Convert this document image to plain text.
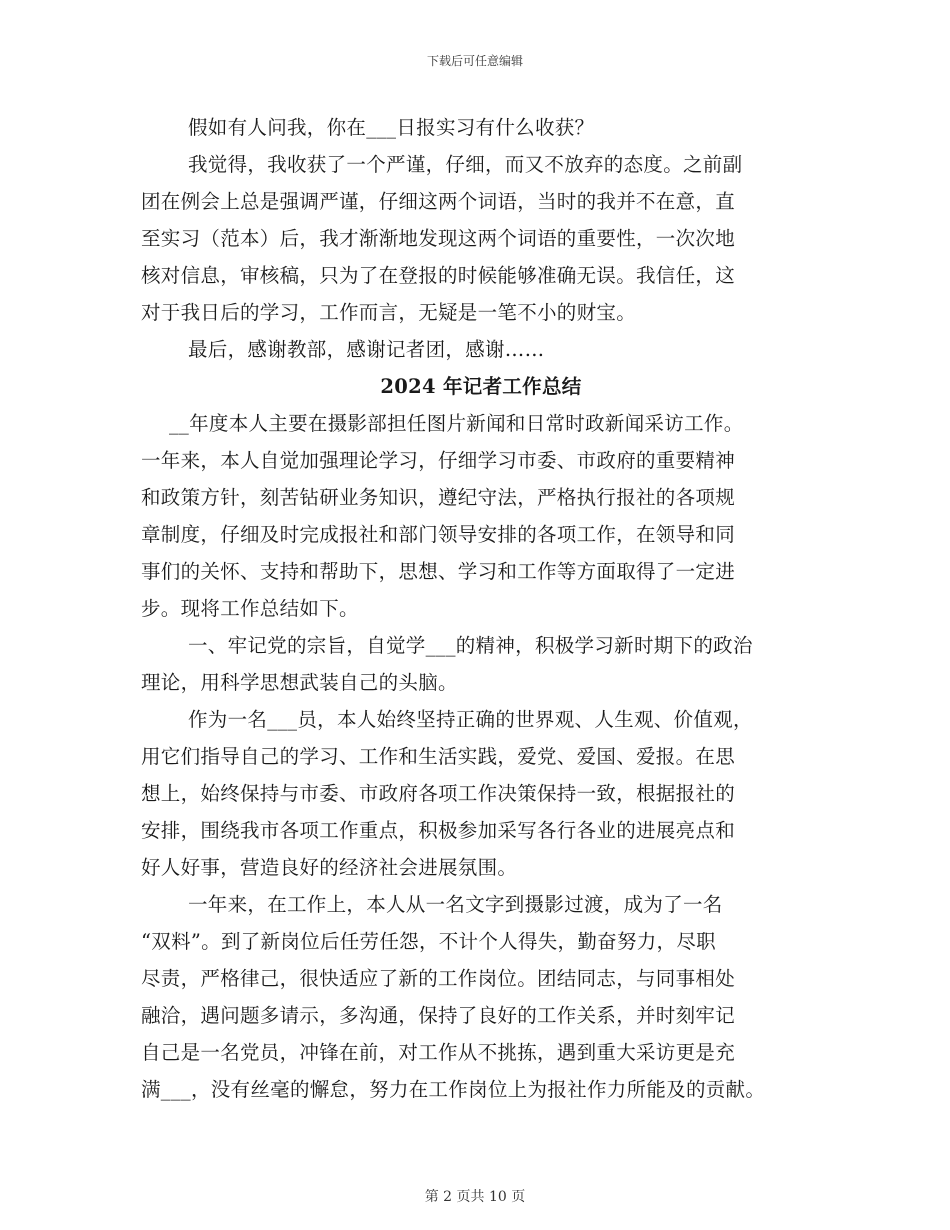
下载后可任意编辑
假如有人问我，你在___日报实习有什么收获？
我觉得，我收获了一个严谨，仔细，而又不放弃的态度。之前副
团在例会上总是强调严谨，仔细这两个词语，当时的我并不在意，直
至实习（范本）后，我才渐渐地发现这两个词语的重要性，一次次地
核对信息，审核稿，只为了在登报的时候能够准确无误。我信任，这
对于我日后的学习，工作而言，无疑是一笔不小的财宝。
最后，感谢教部，感谢记者团，感谢……
2024 年记者工作总结
__年度本人主要在摄影部担任图片新闻和日常时政新闻采访工作。
一年来，本人自觉加强理论学习，仔细学习市委、市政府的重要精神
和政策方针，刻苦钻研业务知识，遵纪守法，严格执行报社的各项规
章制度，仔细及时完成报社和部门领导安排的各项工作，在领导和同
事们的关怀、支持和帮助下，思想、学习和工作等方面取得了一定进
步。现将工作总结如下。
一、牢记党的宗旨，自觉学___的精神，积极学习新时期下的政治
理论，用科学思想武装自己的头脑。
作为一名___员，本人始终坚持正确的世界观、人生观、价值观，
用它们指导自己的学习、工作和生活实践，爱党、爱国、爱报。在思
想上，始终保持与市委、市政府各项工作决策保持一致，根据报社的
安排，围绕我市各项工作重点，积极参加采写各行各业的进展亮点和
好人好事，营造良好的经济社会进展氛围。
一年来，在工作上，本人从一名文字到摄影过渡，成为了一名
“双料”。到了新岗位后任劳任怨，不计个人得失，勤奋努力，尽职
尽责，严格律己，很快适应了新的工作岗位。团结同志，与同事相处
融洽，遇问题多请示，多沟通，保持了良好的工作关系，并时刻牢记
自己是一名党员，冲锋在前，对工作从不挑拣，遇到重大采访更是充
满___，没有丝毫的懈怠，努力在工作岗位上为报社作力所能及的贡献。
第 2 页共 10 页
